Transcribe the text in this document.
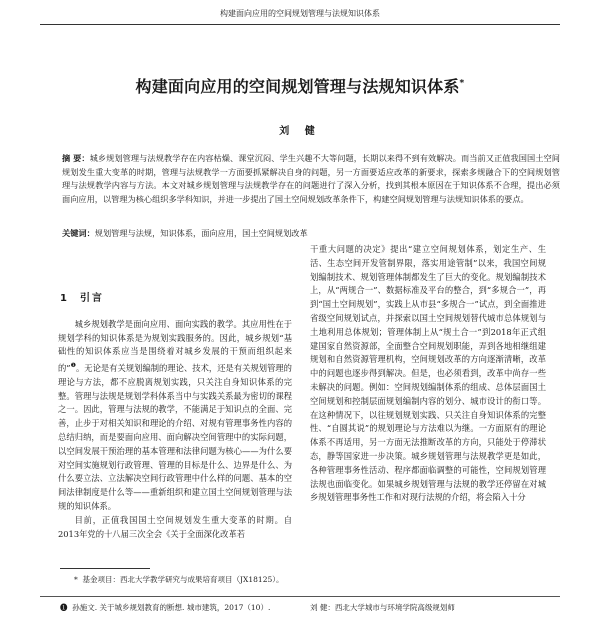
构建面向应用的空间规划管理与法规知识体系
构建面向应用的空间规划管理与法规知识体系*
刘 健
摘 要：城乡规划管理与法规教学存在内容枯燥、课堂沉闷、学生兴趣不大等问题，长期以来得不到有效解决。而当前又正值我国国土空间规划发生重大变革的时期，管理与法规教学一方面要抓紧解决自身的问题，另一方面要适应改革的新要求，探索多规融合下的空间规划管理与法规教学内容与方法。本文对城乡规划管理与法规教学存在的问题进行了深入分析，找到其根本原因在于知识体系不合理，提出必须面向应用，以管理为核心组织多学科知识，并进一步提出了国土空间规划改革条件下，构建空间规划管理与法规知识体系的要点。
关键词：规划管理与法规，知识体系，面向应用，国土空间规划改革
1 引言

城乡规划教学是面向应用、面向实践的教学。其应用性在于规划学科的知识体系是为规划实践服务的。因此，城乡规划“基础性的知识体系应当是围绕着对城乡发展的干预而组织起来的”$^❶$。无论是有关规划编制的理论、技术，还是有关规划管理的理论与方法，都不应脱离规划实践，只关注自身知识体系的完整。管理与法规是规划学科体系当中与实践关系最为密切的课程之一。因此，管理与法规的教学，不能满足于知识点的全面、完善，止步于对相关知识和理论的介绍、对规有管理事务性内容的总结归纳，而是要面向应用、面向解决空间管理中的实际问题，以空间发展干预治理的基本管理和法律问题为核心——为什么要对空间实施规划行政管理、管理的目标是什么、边界是什么、为什么要立法、立法解决空间行政管理中什么样的问题、基本的空间法律制度是什么等——重新组织和建立国土空间规划管理与法规的知识体系。

目前，正值我国国土空间规划发生重大变革的时期。自2013年党的十八届三次全会《关于全面深化改革若

干重大问题的决定》提出“建立空间规划体系，划定生产、生活、生态空间开发管制界限，落实用途管制”以来，我国空间规划编制技术、规划管理体制都发生了巨大的变化。规划编制技术上，从“两规合一”、数据标准及平台的整合，到“多规合一”，再到“国土空间规划”，实践上从市县“多规合一”试点，到全面推进省级空间规划试点，并探索以国土空间规划替代城市总体规划与土地利用总体规划；管理体制上从“规土合一”到2018年正式组建国家自然资源部，全面整合空间规划职能，弄到各地相继组建规划和自然资源管理机构，空间规划改革的方向逐渐清晰，改革中的问题也逐步得到解决。但是，也必须看到，改革中尚存一些未解决的问题。例如：空间规划编制体系的组成、总体层面国土空间规划和控制层面规划编制内容的划分、城市设计的衔口等。在这种情况下，以往规划规划实践、只关注自身知识体系的完整性、“自圆其说”的规划理论与方法难以为继。一方面原有的理论体系不再适用，另一方面无法推断改革的方向，只能处于停滞状态，静等国家进一步决策。城乡规划管理与法规教学更是如此，各种管理事务性活动、程序都面临调整的可能性，空间规划管理法规也面临变化。如果城乡规划管理与法规的教学还停留在对城乡规划管理事务性工作和对现行法规的介绍，将会陷入十分

* 基金项目：西北大学教学研究与成果培育项目（JX18125）。
❶ 孙施文. 关于城乡规划教育的断想. 城市建筑，2017（10）.	刘 健：西北大学城市与环境学院高级规划师
